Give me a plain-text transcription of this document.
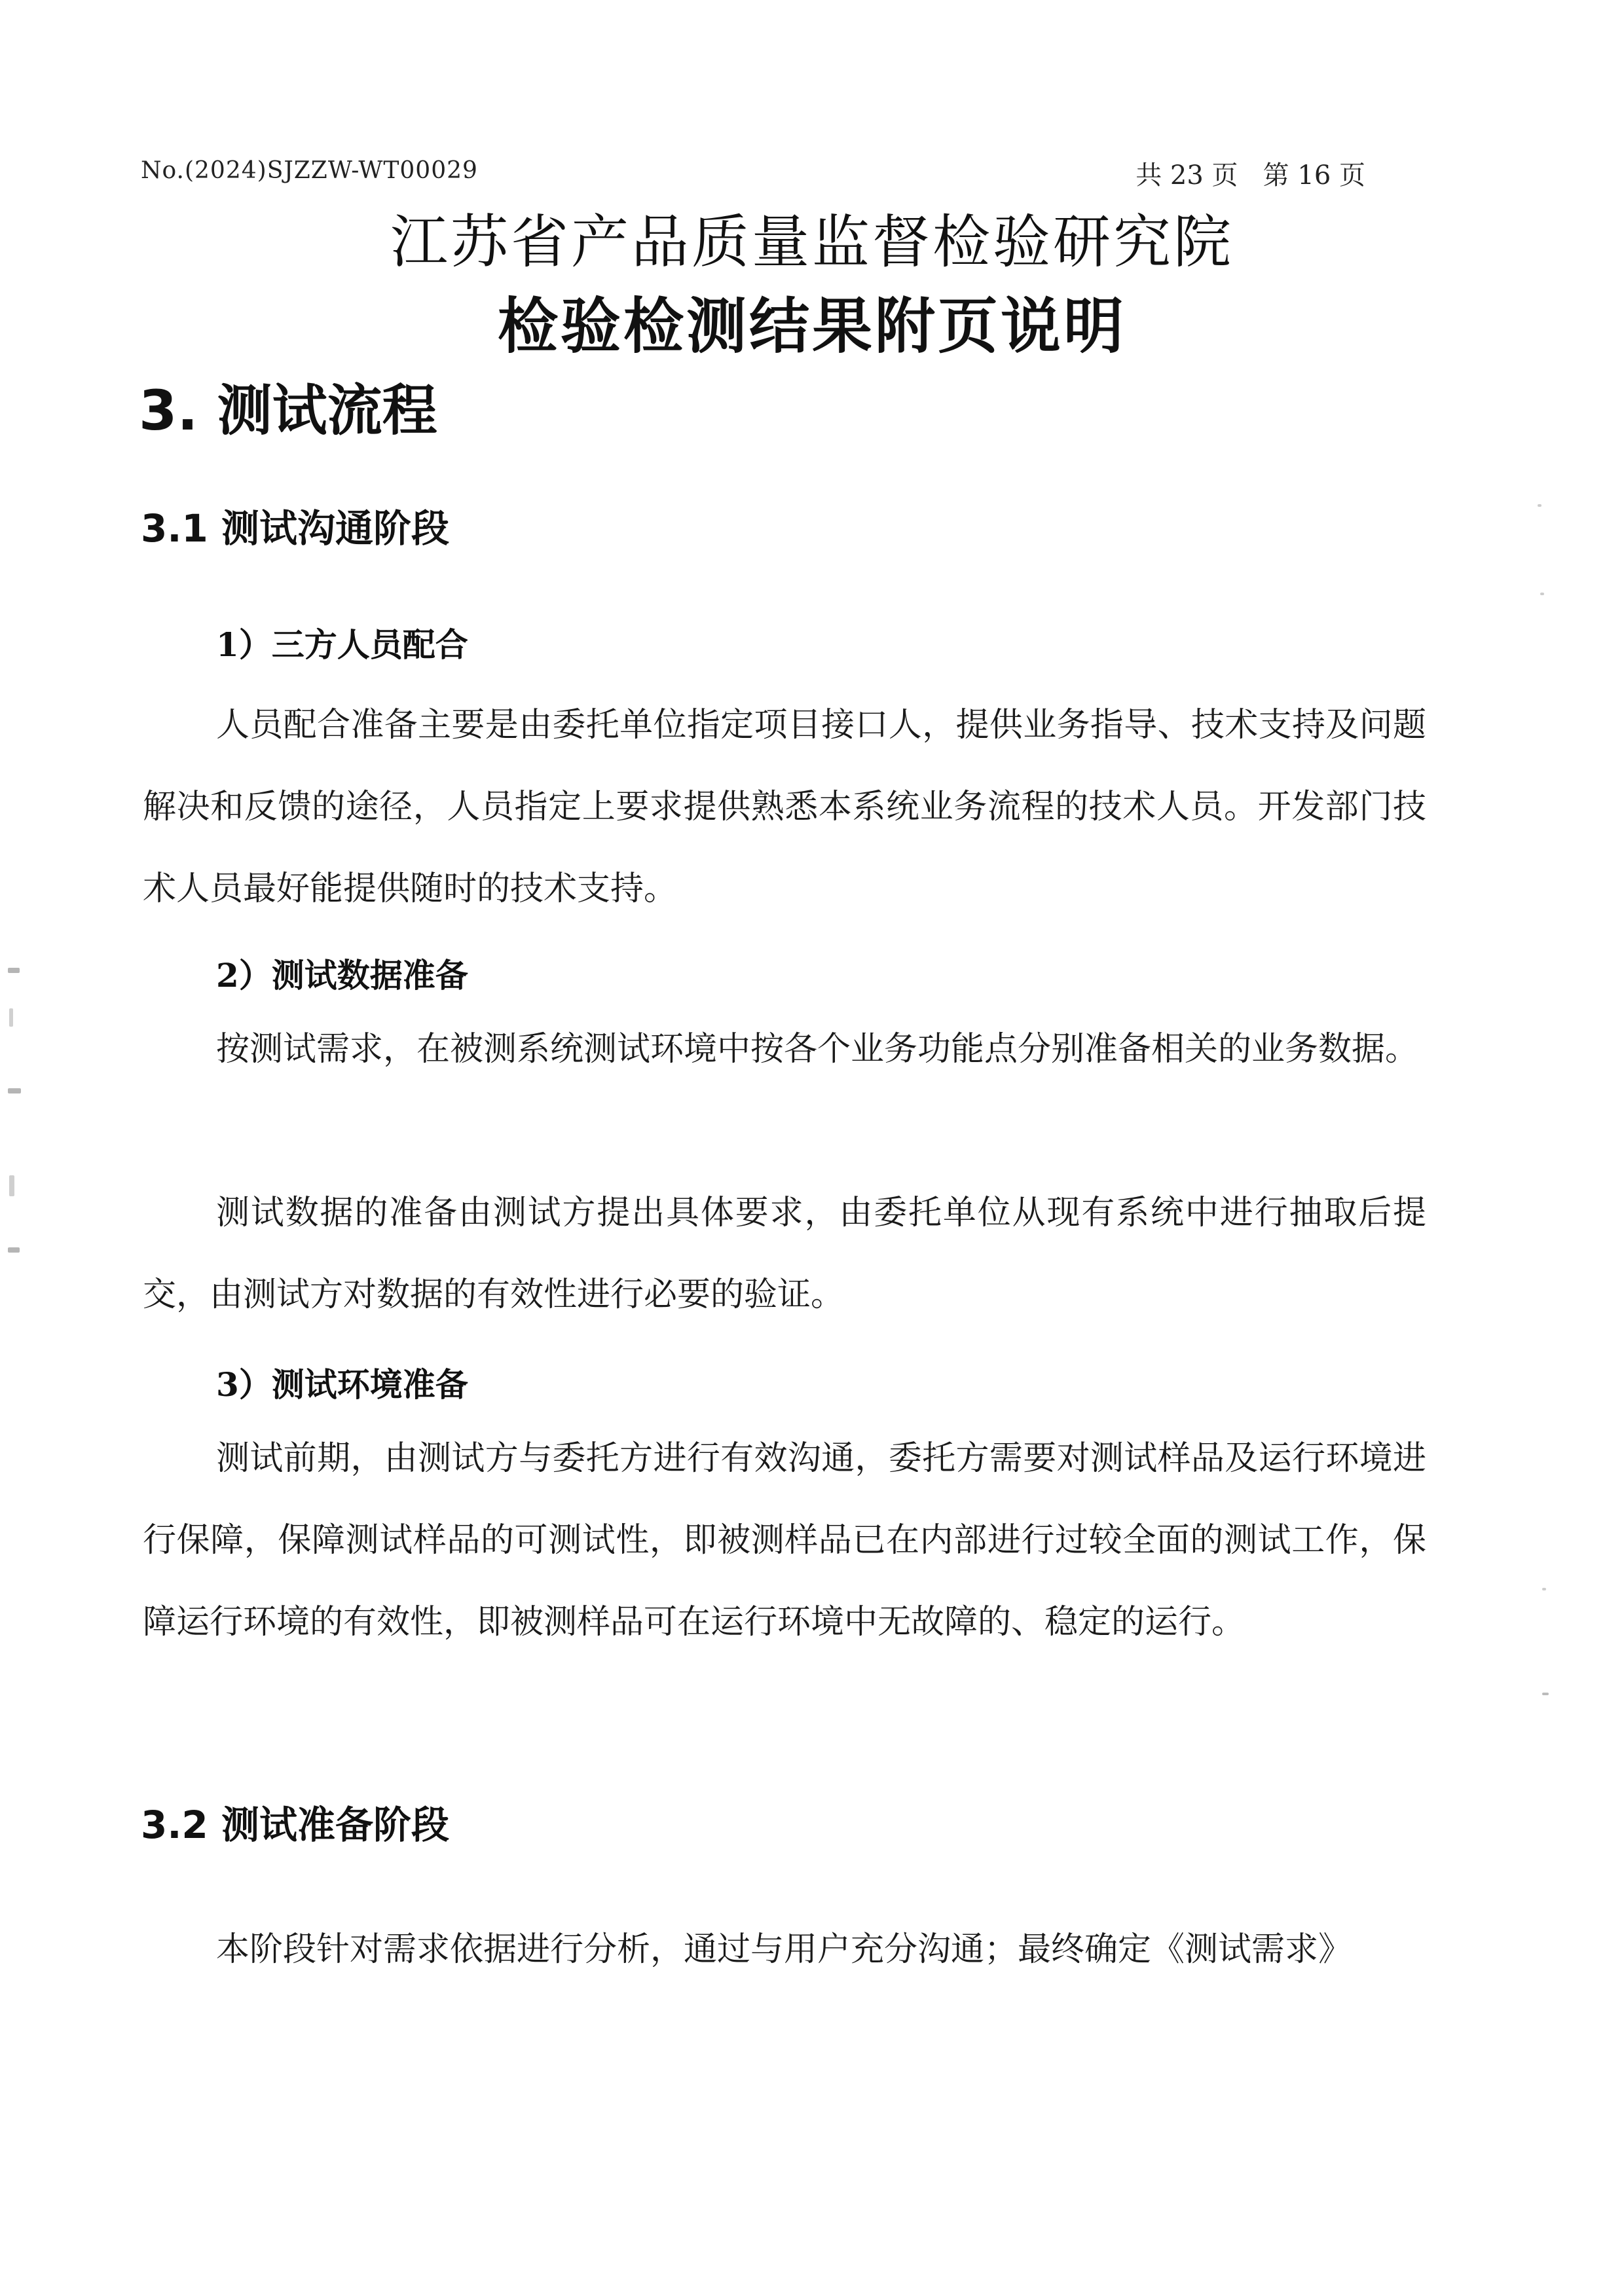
No.(2024)SJZZW-WT00029	共 23 页   第 16 页
江苏省产品质量监督检验研究院
检验检测结果附页说明
3. 测试流程
3.1 测试沟通阶段
1）三方人员配合

人员配合准备主要是由委托单位指定项目接口人，提供业务指导、技术支持及问题解决和反馈的途径，人员指定上要求提供熟悉本系统业务流程的技术人员。开发部门技术人员最好能提供随时的技术支持。

2）测试数据准备

按测试需求，在被测系统测试环境中按各个业务功能点分别准备相关的业务数据。

测试数据的准备由测试方提出具体要求，由委托单位从现有系统中进行抽取后提交，由测试方对数据的有效性进行必要的验证。

3）测试环境准备

测试前期，由测试方与委托方进行有效沟通，委托方需要对测试样品及运行环境进行保障，保障测试样品的可测试性，即被测样品已在内部进行过较全面的测试工作，保障运行环境的有效性，即被测样品可在运行环境中无故障的、稳定的运行。

3.2 测试准备阶段

本阶段针对需求依据进行分析，通过与用户充分沟通；最终确定《测试需求》
